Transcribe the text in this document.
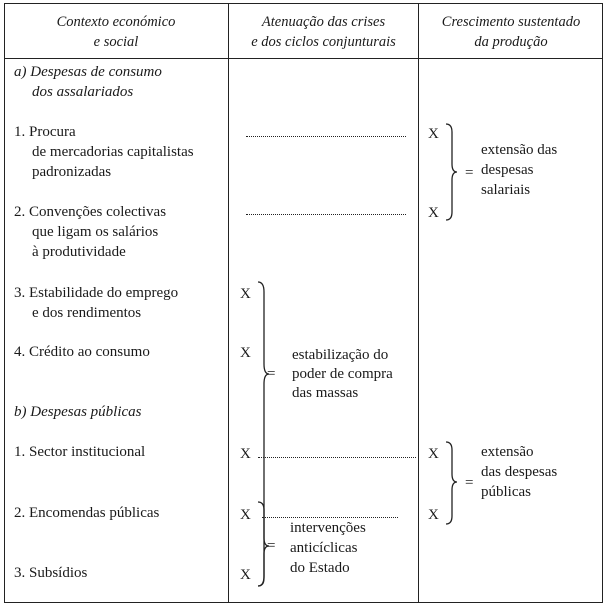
Contexto económico
e social
Atenuação das crises
e dos ciclos conjunturais
Crescimento sustentado
da produção
a) Despesas de consumo
dos assalariados
1. Procura
de mercadorias capitalistas
padronizadas
2. Convenções colectivas
que ligam os salários
à produtividade
3. Estabilidade do emprego
e dos rendimentos
4. Crédito ao consumo
b) Despesas públicas
1. Sector institucional
2. Encomendas públicas
3. Subsídios
X
X
X
X
X
X
X
X
X
=
=
=
=
extensão das
despesas
salariais
estabilização do
poder de compra
das massas
extensão
das despesas
públicas
intervenções
anticíclicas
do Estado
